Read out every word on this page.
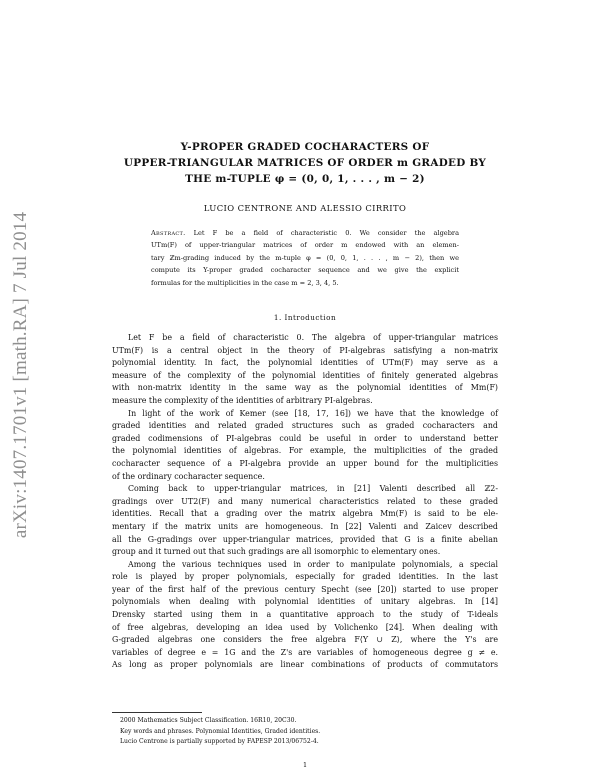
arXiv:1407.1701v1 [math.RA] 7 Jul 2014
Y-PROPER GRADED COCHARACTERS OF
UPPER-TRIANGULAR MATRICES OF ORDER m GRADED BY
THE m-TUPLE φ = (0, 0, 1, . . . , m − 2)
LUCIO CENTRONE AND ALESSIO CIRRITO
Abstract. Let F be a field of characteristic 0. We consider the algebra
UTm(F) of upper-triangular matrices of order m endowed with an elemen-
tary ℤm-grading induced by the m-tuple φ = (0, 0, 1, . . . , m − 2), then we
compute its Y-proper graded cocharacter sequence and we give the explicit
formulas for the multiplicities in the case m = 2, 3, 4, 5.
1. Introduction
Let F be a field of characteristic 0. The algebra of upper-triangular matrices
UTm(F) is a central object in the theory of PI-algebras satisfying a non-matrix
polynomial identity. In fact, the polynomial identities of UTm(F) may serve as a
measure of the complexity of the polynomial identities of finitely generated algebras
with non-matrix identity in the same way as the polynomial identities of Mm(F)
measure the complexity of the identities of arbitrary PI-algebras.
In light of the work of Kemer (see [18, 17, 16]) we have that the knowledge of
graded identities and related graded structures such as graded cocharacters and
graded codimensions of PI-algebras could be useful in order to understand better
the polynomial identities of algebras. For example, the multiplicities of the graded
cocharacter sequence of a PI-algebra provide an upper bound for the multiplicities
of the ordinary cocharacter sequence.
Coming back to upper-triangular matrices, in [21] Valenti described all ℤ2-
gradings over UT2(F) and many numerical characteristics related to these graded
identities. Recall that a grading over the matrix algebra Mm(F) is said to be ele-
mentary if the matrix units are homogeneous. In [22] Valenti and Zaicev described
all the G-gradings over upper-triangular matrices, provided that G is a finite abelian
group and it turned out that such gradings are all isomorphic to elementary ones.
Among the various techniques used in order to manipulate polynomials, a special
role is played by proper polynomials, especially for graded identities. In the last
year of the first half of the previous century Specht (see [20]) started to use proper
polynomials when dealing with polynomial identities of unitary algebras. In [14]
Drensky started using them in a quantitative approach to the study of T-ideals
of free algebras, developing an idea used by Volichenko [24]. When dealing with
G-graded algebras one considers the free algebra F⟨Y ∪ Z⟩, where the Y's are
variables of degree e = 1G and the Z's are variables of homogeneous degree g ≠ e.
As long as proper polynomials are linear combinations of products of commutators
2000 Mathematics Subject Classification. 16R10, 20C30.
Key words and phrases. Polynomial Identities, Graded identities.
Lucio Centrone is partially supported by FAPESP 2013/06752-4.
1
